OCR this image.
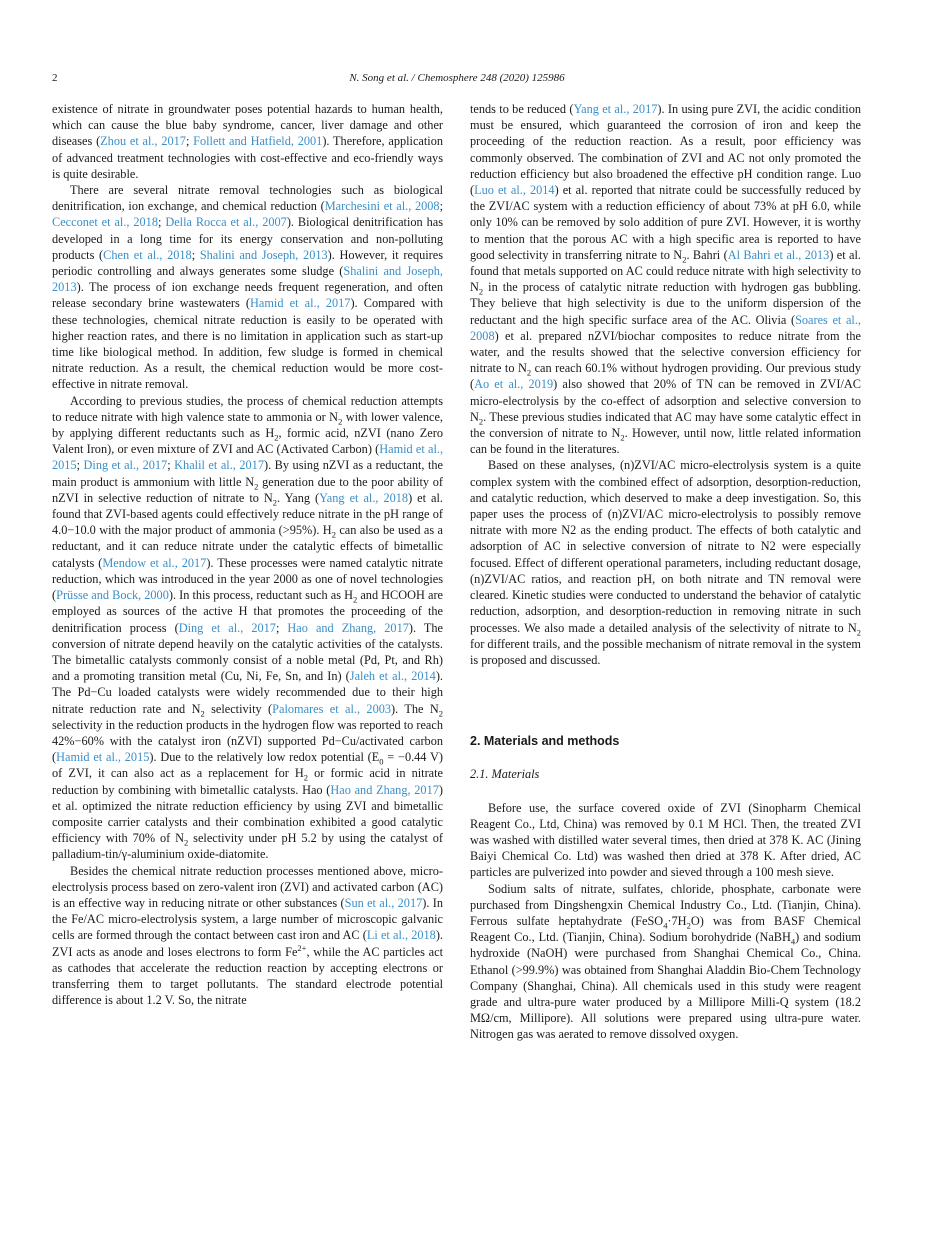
2	N. Song et al. / Chemosphere 248 (2020) 125986

existence of nitrate in groundwater poses potential hazards to human health, which can cause the blue baby syndrome, cancer, liver damage and other diseases (Zhou et al., 2017; Follett and Hatfield, 2001). Therefore, application of advanced treatment technologies with cost-effective and eco-friendly ways is quite desirable.

There are several nitrate removal technologies such as biological denitrification, ion exchange, and chemical reduction (Marchesini et al., 2008; Cecconet et al., 2018; Della Rocca et al., 2007). Biological denitrification has developed in a long time for its energy conservation and non-polluting products (Chen et al., 2018; Shalini and Joseph, 2013). However, it requires periodic controlling and always generates some sludge (Shalini and Joseph, 2013). The process of ion exchange needs frequent regeneration, and often release secondary brine wastewaters (Hamid et al., 2017). Compared with these technologies, chemical nitrate reduction is easily to be operated with higher reaction rates, and there is no limitation in application such as start-up time like biological method. In addition, few sludge is formed in chemical nitrate reduction. As a result, the chemical reduction would be more cost-effective in nitrate removal.

According to previous studies, the process of chemical reduction attempts to reduce nitrate with high valence state to ammonia or $N_2$ with lower valence, by applying different reductants such as $H_2$, formic acid, nZVI (nano Zero Valent Iron), or even mixture of ZVI and AC (Activated Carbon) (Hamid et al., 2015; Ding et al., 2017; Khalil et al., 2017). By using nZVI as a reductant, the main product is ammonium with little $N_2$ generation due to the poor ability of nZVI in selective reduction of nitrate to $N_2$. Yang (Yang et al., 2018) et al. found that ZVI-based agents could effectively reduce nitrate in the pH range of 4.0−10.0 with the major product of ammonia (>95%). $H_2$ can also be used as a reductant, and it can reduce nitrate under the catalytic effects of bimetallic catalysts (Mendow et al., 2017). These processes were named catalytic nitrate reduction, which was introduced in the year 2000 as one of novel technologies (Prüsse and Bock, 2000). In this process, reductant such as $H_2$ and HCOOH are employed as sources of the active H that promotes the proceeding of the denitrification process (Ding et al., 2017; Hao and Zhang, 2017). The conversion of nitrate depend heavily on the catalytic activities of the catalysts. The bimetallic catalysts commonly consist of a noble metal (Pd, Pt, and Rh) and a promoting transition metal (Cu, Ni, Fe, Sn, and In) (Jaleh et al., 2014). The Pd−Cu loaded catalysts were widely recommended due to their high nitrate reduction rate and $N_2$ selectivity (Palomares et al., 2003). The $N_2$ selectivity in the reduction products in the hydrogen flow was reported to reach 42%−60% with the catalyst iron (nZVI) supported Pd−Cu/activated carbon (Hamid et al., 2015). Due to the relatively low redox potential ($E_0 = -0.44$ V) of ZVI, it can also act as a replacement for $H_2$ or formic acid in nitrate reduction by combining with bimetallic catalysts. Hao (Hao and Zhang, 2017) et al. optimized the nitrate reduction efficiency by using ZVI and bimetallic composite carrier catalysts and their combination exhibited a good catalytic efficiency with 70% of $N_2$ selectivity under pH 5.2 by using the catalyst of palladium-tin/γ-aluminium oxide-diatomite.

Besides the chemical nitrate reduction processes mentioned above, micro-electrolysis process based on zero-valent iron (ZVI) and activated carbon (AC) is an effective way in reducing nitrate or other substances (Sun et al., 2017). In the Fe/AC micro-electrolysis system, a large number of microscopic galvanic cells are formed through the contact between cast iron and AC (Li et al., 2018). ZVI acts as anode and loses electrons to form $Fe^{2+}$, while the AC particles act as cathodes that accelerate the reduction reaction by accepting electrons or transferring them to target pollutants. The standard electrode potential difference is about 1.2 V. So, the nitrate

tends to be reduced (Yang et al., 2017). In using pure ZVI, the acidic condition must be ensured, which guaranteed the corrosion of iron and keep the proceeding of the reduction reaction. As a result, poor efficiency was commonly observed. The combination of ZVI and AC not only promoted the reduction efficiency but also broadened the effective pH condition range. Luo (Luo et al., 2014) et al. reported that nitrate could be successfully reduced by the ZVI/AC system with a reduction efficiency of about 73% at pH 6.0, while only 10% can be removed by solo addition of pure ZVI. However, it is worthy to mention that the porous AC with a high specific area is reported to have good selectivity in transferring nitrate to $N_2$. Bahri (Al Bahri et al., 2013) et al. found that metals supported on AC could reduce nitrate with high selectivity to $N_2$ in the process of catalytic nitrate reduction with hydrogen gas bubbling. They believe that high selectivity is due to the uniform dispersion of the reductant and the high specific surface area of the AC. Olivia (Soares et al., 2008) et al. prepared nZVI/biochar composites to reduce nitrate from the water, and the results showed that the selective conversion efficiency for nitrate to $N_2$ can reach 60.1% without hydrogen providing. Our previous study (Ao et al., 2019) also showed that 20% of TN can be removed in ZVI/AC micro-electrolysis by the co-effect of adsorption and selective conversion to $N_2$. These previous studies indicated that AC may have some catalytic effect in the conversion of nitrate to $N_2$. However, until now, little related information can be found in the literatures.

Based on these analyses, (n)ZVI/AC micro-electrolysis system is a quite complex system with the combined effect of adsorption, desorption-reduction, and catalytic reduction, which deserved to make a deep investigation. So, this paper uses the process of (n)ZVI/AC micro-electrolysis to possibly remove nitrate with more N2 as the ending product. The effects of both catalytic and adsorption of AC in selective conversion of nitrate to N2 were especially focused. Effect of different operational parameters, including reductant dosage, (n)ZVI/AC ratios, and reaction pH, on both nitrate and TN removal were cleared. Kinetic studies were conducted to understand the behavior of catalytic reduction, adsorption, and desorption-reduction in removing nitrate in such processes. We also made a detailed analysis of the selectivity of nitrate to $N_2$ for different trails, and the possible mechanism of nitrate removal in the system is proposed and discussed.

2. Materials and methods

2.1. Materials

Before use, the surface covered oxide of ZVI (Sinopharm Chemical Reagent Co., Ltd, China) was removed by 0.1 M HCl. Then, the treated ZVI was washed with distilled water several times, then dried at 378 K. AC (Jining Baiyi Chemical Co. Ltd) was washed then dried at 378 K. After dried, AC particles are pulverized into powder and sieved through a 100 mesh sieve.

Sodium salts of nitrate, sulfates, chloride, phosphate, carbonate were purchased from Dingshengxin Chemical Industry Co., Ltd. (Tianjin, China). Ferrous sulfate heptahydrate $(FeSO_4\cdot 7H_2O)$ was from BASF Chemical Reagent Co., Ltd. (Tianjin, China). Sodium borohydride (NaBH$_4$) and sodium hydroxide (NaOH) were purchased from Shanghai Chemical Co., China. Ethanol (>99.9%) was obtained from Shanghai Aladdin Bio-Chem Technology Company (Shanghai, China). All chemicals used in this study were reagent grade and ultra-pure water produced by a Millipore Milli-Q system (18.2 MΩ/cm, Millipore). All solutions were prepared using ultra-pure water. Nitrogen gas was aerated to remove dissolved oxygen.
